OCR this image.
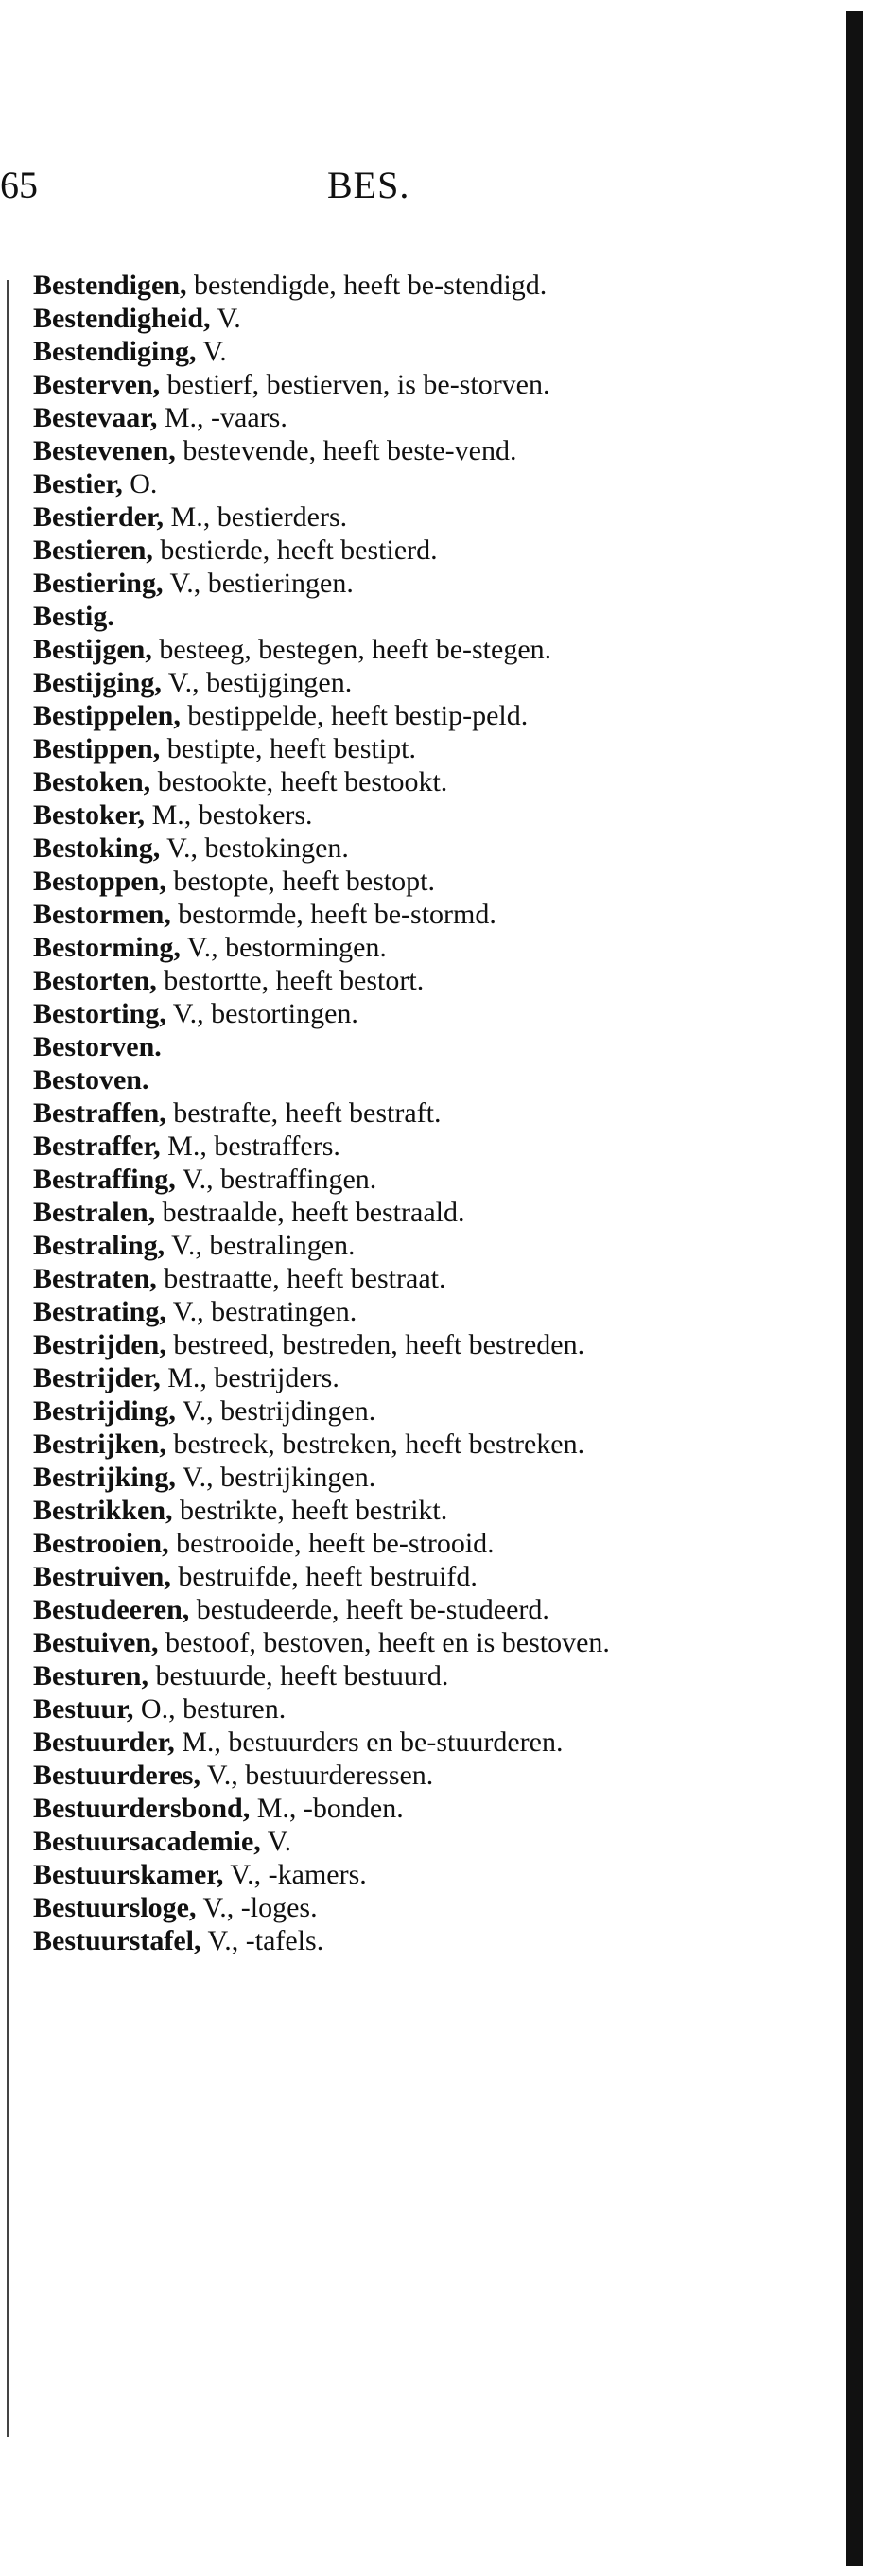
65	BES.
Bestendigen, bestendigde, heeft be-stendigd.
Bestendigheid, V.
Bestendiging, V.
Besterven, bestierf, bestierven, is be-storven.
Bestevaar, M., -vaars.
Bestevenen, bestevende, heeft beste-vend.
Bestier, O.
Bestierder, M., bestierders.
Bestieren, bestierde, heeft bestierd.
Bestiering, V., bestieringen.
Bestig.
Bestijgen, besteeg, bestegen, heeft be-stegen.
Bestijging, V., bestijgingen.
Bestippelen, bestippelde, heeft bestip-peld.
Bestippen, bestipte, heeft bestipt.
Bestoken, bestookte, heeft bestookt.
Bestoker, M., bestokers.
Bestoking, V., bestokingen.
Bestoppen, bestopte, heeft bestopt.
Bestormen, bestormde, heeft be-stormd.
Bestorming, V., bestormingen.
Bestorten, bestortte, heeft bestort.
Bestorting, V., bestortingen.
Bestorven.
Bestoven.
Bestraffen, bestrafte, heeft bestraft.
Bestraffer, M., bestraffers.
Bestraffing, V., bestraffingen.
Bestralen, bestraalde, heeft bestraald.
Bestraling, V., bestralingen.
Bestraten, bestraatte, heeft bestraat.
Bestrating, V., bestratingen.
Bestrijden, bestreed, bestreden, heeft bestreden.
Bestrijder, M., bestrijders.
Bestrijding, V., bestrijdingen.
Bestrijken, bestreek, bestreken, heeft bestreken.
Bestrijking, V., bestrijkingen.
Bestrikken, bestrikte, heeft bestrikt.
Bestrooien, bestrooide, heeft be-strooid.
Bestruiven, bestruifde, heeft bestruifd.
Bestudeeren, bestudeerde, heeft be-studeerd.
Bestuiven, bestoof, bestoven, heeft en is bestoven.
Besturen, bestuurde, heeft bestuurd.
Bestuur, O., besturen.
Bestuurder, M., bestuurders en be-stuurderen.
Bestuurderes, V., bestuurderessen.
Bestuurdersbond, M., -bonden.
Bestuursacademie, V.
Bestuurskamer, V., -kamers.
Bestuursloge, V., -loges.
Bestuurstafel, V., -tafels.
